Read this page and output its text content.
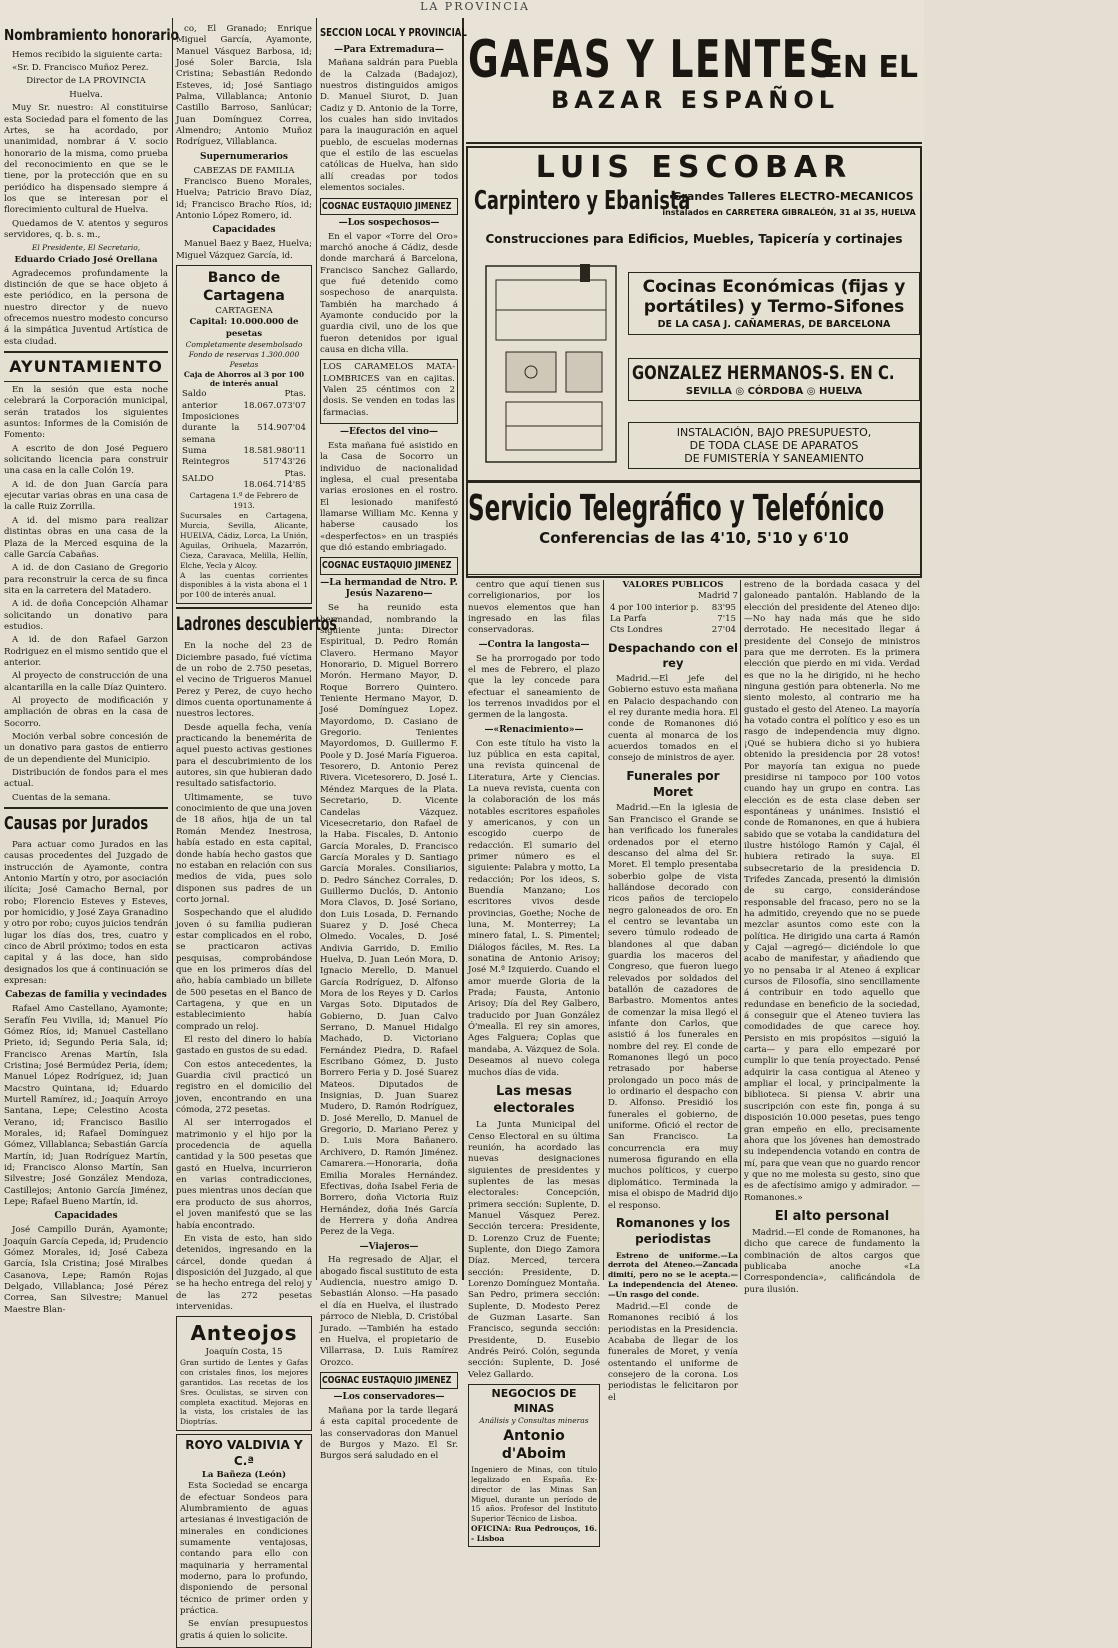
LA PROVINCIA
Nombramiento honorario

Hemos recibido la siguiente carta:

«Sr. D. Francisco Muñoz Perez.

Director de LA PROVINCIA

Huelva.

Muy Sr. nuestro: Al constituirse esta Sociedad para el fomento de las Artes, se ha acordado, por unanimidad, nombrar á V. socio honorario de la misma, como prueba del reconocimiento en que se le tiene, por la protección que en su periódico ha dispensado siempre á los que se interesan por el florecimiento cultural de Huelva.

Quedamos de V. atentos y seguros servidores, q. b. s. m.,

El Presidente, El Secretario,

Eduardo Criado José Orellana

Agradecemos profundamente la distinción de que se hace objeto á este periódico, en la persona de nuestro director y de nuevo ofrecemos nuestro modesto concurso á la simpática Juventud Artística de esta ciudad.

AYUNTAMIENTO

En la sesión que esta noche celebrará la Corporación municipal, serán tratados los siguientes asuntos: Informes de la Comisión de Fomento:

A escrito de don José Peguero solicitando licencia para construir una casa en la calle Colón 19.

A id. de don Juan García para ejecutar varias obras en una casa de la calle Ruiz Zorrilla.

A id. del mismo para realizar distintas obras en una casa de la Plaza de la Merced esquina de la calle García Cabañas.

A id. de don Casiano de Gregorio para reconstruir la cerca de su finca sita en la carretera del Matadero.

A id. de doña Concepción Alhamar solicitando un donativo para estudios.

A id. de don Rafael Garzon Rodriguez en el mismo sentido que el anterior.

Al proyecto de construcción de una alcantarilla en la calle Díaz Quintero.

Al proyecto de modificación y ampliación de obras en la casa de Socorro.

Moción verbal sobre concesión de un donativo para gastos de entierro de un dependiente del Municipio.

Distribución de fondos para el mes actual.

Cuentas de la semana.

Causas por Jurados

Para actuar como Jurados en las causas procedentes del Juzgado de instrucción de Ayamonte, contra Antonio Martín y otro, por asociación ilícita; José Camacho Bernal, por robo; Florencio Esteves y Esteves, por homicidio, y José Zaya Granadino y otro por robo; cuyos juicios tendrán lugar los días dos, tres, cuatro y cinco de Abril próximo; todos en esta capital y á las doce, han sido designados los que á continuación se expresan:

Cabezas de familia y vecindades

Rafael Amo Castellano, Ayamonte; Serafín Feu Vivilla, id; Manuel Pío Gómez Ríos, id; Manuel Castellano Prieto, id; Segundo Peria Sala, id; Francisco Arenas Martín, Isla Cristina; José Bermúdez Peria, ídem; Manuel López Rodríguez, id; Juan Macstro Quintana, id; Eduardo Murtell Ramírez, id.; Joaquín Arroyo Santana, Lepe; Celestino Acosta Verano, id; Francisco Basilio Morales, id; Rafael Domínguez Gómez, Villablanca; Sebastián García Martín, id; Juan Rodríguez Martín, id; Francisco Alonso Martín, San Silvestre; José González Mendoza, Castillejos; Antonio García Jiménez, Lepe; Rafael Bueno Martín, id.

Capacidades

José Campillo Durán, Ayamonte; Joaquín García Cepeda, id; Prudencio Gómez Morales, id; José Cabeza García, Isla Cristina; José Miralbes Casanova, Lepe; Ramón Rojas Delgado, Villablanca; José Pérez Correa, San Silvestre; Manuel Maestre Blan-

co, El Granado; Enrique Miguel García, Ayamonte, Manuel Vásquez Barbosa, id; José Soler Barcia, Isla Cristina; Sebastián Redondo Esteves, id; José Santiago Palma, Villablanca; Antonio Castillo Barroso, Sanlúcar; Juan Domínguez Correa, Almendro; Antonio Muñoz Rodríguez, Villablanca.

Supernumerarios
CABEZAS DE FAMILIA

Francisco Bueno Morales, Huelva; Patricio Bravo Díaz, id; Francisco Bracho Ríos, id; Antonio López Romero, id.

Capacidades

Manuel Baez y Baez, Huelva; Miguel Vázquez García, id.

Banco de Cartagena
CARTAGENA
Capital: 10.000.000 de pesetas
Completamente desembolsado
Fondo de reservas 1.300.000 Pesetas
Caja de Ahorros al 3 por 100 de interés anual
Saldo anterior	Ptas. 18.067.073'07
Imposiciones durante la semana	514.907'04
Suma	18.581.980'11
Reintegros	517'43'26
SALDO	Ptas. 18.064.714'85
Cartagena 1.º de Febrero de 1913.
Sucursales en Cartagena, Murcia, Sevilla, Alicante, HUELVA, Cádiz, Lorca, La Unión, Aguilas, Orihuela, Mazarrón, Cieza, Caravaca, Melilla, Hellín, Elche, Yecla y Alcoy.
A las cuentas corrientes disponibles á la vista abona el 1 por 100 de interés anual.
Ladrones descubiertos

En la noche del 23 de Diciembre pasado, fué víctima de un robo de 2.750 pesetas, el vecino de Trigueros Manuel Perez y Perez, de cuyo hecho dimos cuenta oportunamente á nuestros lectores.

Desde aquella fecha, venía practicando la benemérita de aquel puesto activas gestiones para el descubrimiento de los autores, sin que hubieran dado resultado satisfactorio.

Ultimamente, se tuvo conocimiento de que una joven de 18 años, hija de un tal Román Mendez Inestrosa, había estado en esta capital, donde había hecho gastos que no estaban en relación con sus medios de vida, pues solo disponen sus padres de un corto jornal.

Sospechando que el aludido joven ó su familia pudieran estar complicados en el robo, se practicaron activas pesquisas, comprobándose que en los primeros días del año, había cambiado un billete de 500 pesetas en el Banco de Cartagena, y que en un establecimiento había comprado un reloj.

El resto del dinero lo había gastado en gustos de su edad.

Con estos antecedentes, la Guardia civil practicó un registro en el domicilio del joven, encontrando en una cómoda, 272 pesetas.

Al ser interrogados el matrimonio y el hijo por la procedencia de aquella cantidad y la 500 pesetas que gastó en Huelva, incurrieron en varias contradicciones, pues mientras unos decían que era producto de sus ahorros, el joven manifestó que se las había encontrado.

En vista de esto, han sido detenidos, ingresando en la cárcel, donde quedan á disposición del Juzgado, al que se ha hecho entrega del reloj y de las 272 pesetas intervenidas.

Anteojos
Joaquín Costa, 15
Gran surtido de Lentes y Gafas con cristales finos, los mejores garantidos. Las recetas de los Sres. Oculistas, se sirven con completa exactitud. Mejoras en la vista, los cristales de las Dioptrías.
ROYO VALDIVIA Y C.ª
La Bañeza (León)

Esta Sociedad se encarga de efectuar Sondeos para Alumbramiento de aguas artesianas é investigación de minerales en condiciones sumamente ventajosas, contando para ello con maquinaria y herramental moderno, para lo profundo, disponiendo de personal técnico de primer orden y práctica.

Se envían presupuestos gratis á quien lo solicite.

SECCION LOCAL Y PROVINCIAL
—Para Extremadura—

Mañana saldrán para Puebla de la Calzada (Badajoz), nuestros distinguidos amigos D. Manuel Siurot, D. Juan Cadiz y D. Antonio de la Torre, los cuales han sido invitados para la inauguración en aquel pueblo, de escuelas modernas que el estilo de las escuelas católicas de Huelva, han sido allí creadas por todos elementos sociales.

COGNAC EUSTAQUIO JIMENEZ
—Los sospechosos—

En el vapor «Torre del Oro» marchó anoche á Cádiz, desde donde marchará á Barcelona, Francisco Sanchez Gallardo, que fué detenido como sospechoso de anarquista. También ha marchado á Ayamonte conducido por la guardia civil, uno de los que fueron detenidos por igual causa en dicha villa.

LOS CARAMELOS MATA-LOMBRICES van en cajitas. Valen 25 céntimos con 2 dosis. Se venden en todas las farmacias.

—Efectos del vino—

Esta mañana fué asistido en la Casa de Socorro un individuo de nacionalidad inglesa, el cual presentaba varias erosiones en el rostro. El lesionado manifestó llamarse William Mc. Kenna y haberse causado los «desperfectos» en un traspiés que dió estando embriagado.

COGNAC EUSTAQUIO JIMENEZ
—La hermandad de Ntro. P. Jesús Nazareno—

Se ha reunido esta hermandad, nombrando la siguiente junta: Director Espiritual, D. Pedro Román Clavero. Hermano Mayor Honorario, D. Miguel Borrero Morón. Hermano Mayor, D. Roque Borrero Quintero. Teniente Hermano Mayor, D. José Domínguez Lopez. Mayordomo, D. Casiano de Gregorio. Tenientes Mayordomos, D. Guillermo F. Poole y D. José María Figueroa. Tesorero, D. Antonio Perez Rivera. Vicetesorero, D. José L. Méndez Marques de la Plata. Secretario, D. Vicente Candelas Vázquez. Vicesecretario, don Rafael de la Haba. Fiscales, D. Antonio García Morales, D. Francisco García Morales y D. Santiago García Morales. Consiliarios, D. Pedro Sánchez Corrales, D. Guillermo Duclós, D. Antonio Mora Clavos, D. José Soriano, don Luis Losada, D. Fernando Suarez y D. José Checa Olmedo. Vocales, D. José Andivia Garrido, D. Emilio Huelva, D. Juan León Mora, D. Ignacio Merello, D. Manuel García Rodríguez, D. Alfonso Mora de los Reyes y D. Carlos Vargas Soto. Diputados de Gobierno, D. Juan Calvo Serrano, D. Manuel Hidalgo Machado, D. Victoriano Fernández Piedra, D. Rafael Escribano Gómez, D. Justo Borrero Feria y D. José Suarez Mateos. Diputados de Insignias, D. Juan Suarez Mudero, D. Ramón Rodríguez, D. José Merello, D. Manuel de Gregorio, D. Mariano Perez y D. Luis Mora Bañanero. Archivero, D. Ramón Jiménez. Camarera.—Honoraria, doña Emilia Morales Hernández. Efectivas, doña Isabel Feria de Borrero, doña Victoria Ruiz Hernández, doña Inés García de Herrera y doña Andrea Perez de la Vega.

—Viajeros—

Ha regresado de Aljar, el abogado fiscal sustituto de esta Audiencia, nuestro amigo D. Sebastián Alonso. —Ha pasado el día en Huelva, el ilustrado párroco de Niebla, D. Cristóbal Jurado. —También ha estado en Huelva, el propietario de Villarrasa, D. Luis Ramírez Orozco.

COGNAC EUSTAQUIO JIMENEZ
—Los conservadores—

Mañana por la tarde llegará á esta capital procedente de las conservadoras don Manuel de Burgos y Mazo. El Sr. Burgos será saludado en el

GAFAS Y LENTES
EN EL
BAZAR ESPAÑOL
LUIS ESCOBAR
Carpintero y Ebanista
Grandes Talleres ELECTRO-MECANICOS
instalados en CARRETERA GIBRALEÓN, 31 al 35, HUELVA
Construcciones para Edificios, Muebles, Tapicería y cortinajes
Cocinas Económicas (fijas y
portátiles) y Termo-Sifones
DE LA CASA J. CAÑAMERAS, DE BARCELONA
GONZALEZ HERMANOS-S. EN C.
SEVILLA ◎ CÓRDOBA ◎ HUELVA
INSTALACIÓN, BAJO PRESUPUESTO,
DE TODA CLASE DE APARATOS
DE FUMISTERÍA Y SANEAMIENTO
Servicio Telegráfico y Telefónico
Conferencias de las 4'10, 5'10 y 6'10

centro que aquí tienen sus correligionarios, por los nuevos elementos que han ingresado en las filas conservadoras.

—Contra la langosta—

Se ha prorrogado por todo el mes de Febrero, el plazo que la ley concede para efectuar el saneamiento de los terrenos invadidos por el germen de la langosta.

—«Renacimiento»—

Con este título ha visto la luz pública en esta capital, una revista quincenal de Literatura, Arte y Ciencias. La nueva revista, cuenta con la colaboración de los más notables escritores españoles y americanos, y con un escogido cuerpo de redacción. El sumario del primer número es el siguiente: Palabra y motto, La redacción; Por los ideos, S. Buendía Manzano; Los escritores vivos desde provincias, Goethe; Noche de luna, M. Monterrey; La minero fatal, L. S. Pimentel; Diálogos fáciles, M. Res. La sonatina de Antonio Arisoy; José M.ª Izquierdo. Cuando el amor muerde Gloria de la Prada; Fausta, Antonio Arisoy; Día del Rey Galbero, traducido por Juan González Ó'mealla. El rey sin amores, Ages Falguera; Coplas que mandaba, A. Vázquez de Sola. Deseamos al nuevo colega muchos días de vida.

Las mesas electorales

La Junta Municipal del Censo Electoral en su última reunión, ha acordado las nuevas designaciones siguientes de presidentes y suplentes de las mesas electorales: Concepción, primera sección: Suplente, D. Manuel Vásquez Perez. Sección tercera: Presidente, D. Lorenzo Cruz de Fuente; Suplente, don Diego Zamora Díaz. Merced, tercera sección: Presidente, D. Lorenzo Domínguez Montaña. San Pedro, primera sección: Suplente, D. Modesto Perez de Guzman Lasarte. San Francisco, segunda sección: Presidente, D. Eusebio Andrés Peiró. Colón, segunda sección: Suplente, D. José Velez Gallardo.

NEGOCIOS DE MINAS
Análisis y Consultas mineras
Antonio d'Aboim
Ingeniero de Minas, con título legalizado en España. Ex-director de las Minas San Miguel, durante un período de 15 años. Profesor del Instituto Superior Técnico de Lisboa.
OFICINA: Rua Pedrouços, 16. - Lisboa
VALORES PUBLICOS
Madrid 7
4 por 100 interior p.	83'95
La Parfa	7'15
Cts Londres	27'04
Despachando con el rey

Madrid.—El jefe del Gobierno estuvo esta mañana en Palacio despachando con el rey durante media hora. El conde de Romanones dió cuenta al monarca de los acuerdos tomados en el consejo de ministros de ayer.

Funerales por Moret

Madrid.—En la iglesia de San Francisco el Grande se han verificado los funerales ordenados por el eterno descanso del alma del Sr. Moret. El templo presentaba soberbio golpe de vista hallándose decorado con ricos paños de terciopelo negro galoneados de oro. En el centro se levantaba un severo túmulo rodeado de blandones al que daban guardia los maceros del Congreso, que fueron luego relevados por soldados del batallón de cazadores de Barbastro. Momentos antes de comenzar la misa llegó el infante don Carlos, que asistió á los funerales en nombre del rey. El conde de Romanones llegó un poco retrasado por haberse prolongado un poco más de lo ordinario el despacho con D. Alfonso. Presidió los funerales el gobierno, de uniforme. Ofició el rector de San Francisco. La concurrencia era muy numerosa figurando en ella muchos políticos, y cuerpo diplomático. Terminada la misa el obispo de Madrid dijo el responso.

Romanones y los periodistas

Estreno de uniforme.—La derrota del Ateneo.—Zancada dimití, pero no se le acepta.—La independencia del Ateneo.—Un rasgo del conde.

Madrid.—El conde de Romanones recibió á los periodistas en la Presidencia. Acababa de llegar de los funerales de Moret, y venía ostentando el uniforme de consejero de la corona. Los periodistas le felicitaron por el

estreno de la bordada casaca y del galoneado pantalón. Hablando de la elección del presidente del Ateneo dijo: —No hay nada más que he sido derrotado. He necesitado llegar á presidente del Consejo de ministros para que me derroten. Es la primera elección que pierdo en mi vida. Verdad es que no la he dirigido, ni he hecho ninguna gestión para obtenerla. No me siento molesto, al contrario me ha gustado el gesto del Ateneo. La mayoría ha votado contra el político y eso es un rasgo de independencia muy digno. ¡Qué se hubiera dicho si yo hubiera obtenido la presidencia por 28 votos! Por mayoría tan exigua no puede presidirse ni tampoco por 100 votos cuando hay un grupo en contra. Las elección es de esta clase deben ser espontáneas y unánimes. Insistió el conde de Romanones, en que á hubiera sabido que se votaba la candidatura del ilustre histólogo Ramón y Cajal, él hubiera retirado la suya. El subsecretario de la presidencia D. Trifedes Zancada, presentó la dimisión de su cargo, considerándose responsable del fracaso, pero no se la ha admitido, creyendo que no se puede mezclar asuntos como este con la política. He dirigido una carta á Ramón y Cajal —agregó— diciéndole lo que acabo de manifestar, y añadiendo que yo no pensaba ir al Ateneo á explicar cursos de Filosofía, sino sencillamente á contribuir en todo aquello que redundase en beneficio de la sociedad, á conseguir que el Ateneo tuviera las comodidades de que carece hoy. Persisto en mis propósitos —siguió la carta— y para ello empezaré por cumplir lo que tenía proyectado. Pensé adquirir la casa contigua al Ateneo y ampliar el local, y principalmente la biblioteca. Si piensa V. abrir una suscripción con este fin, ponga á su disposición 10.000 pesetas, pues tengo gran empeño en ello, precisamente ahora que los jóvenes han demostrado su independencia votando en contra de mí, para que vean que no guardo rencor y que no me molesta su gesto, sino que es de afectísimo amigo y admirador. —Romanones.»

El alto personal

Madrid.—El conde de Romanones, ha dicho que carece de fundamento la combinación de altos cargos que publicaba anoche «La Correspondencia», calificándola de pura ilusión.
